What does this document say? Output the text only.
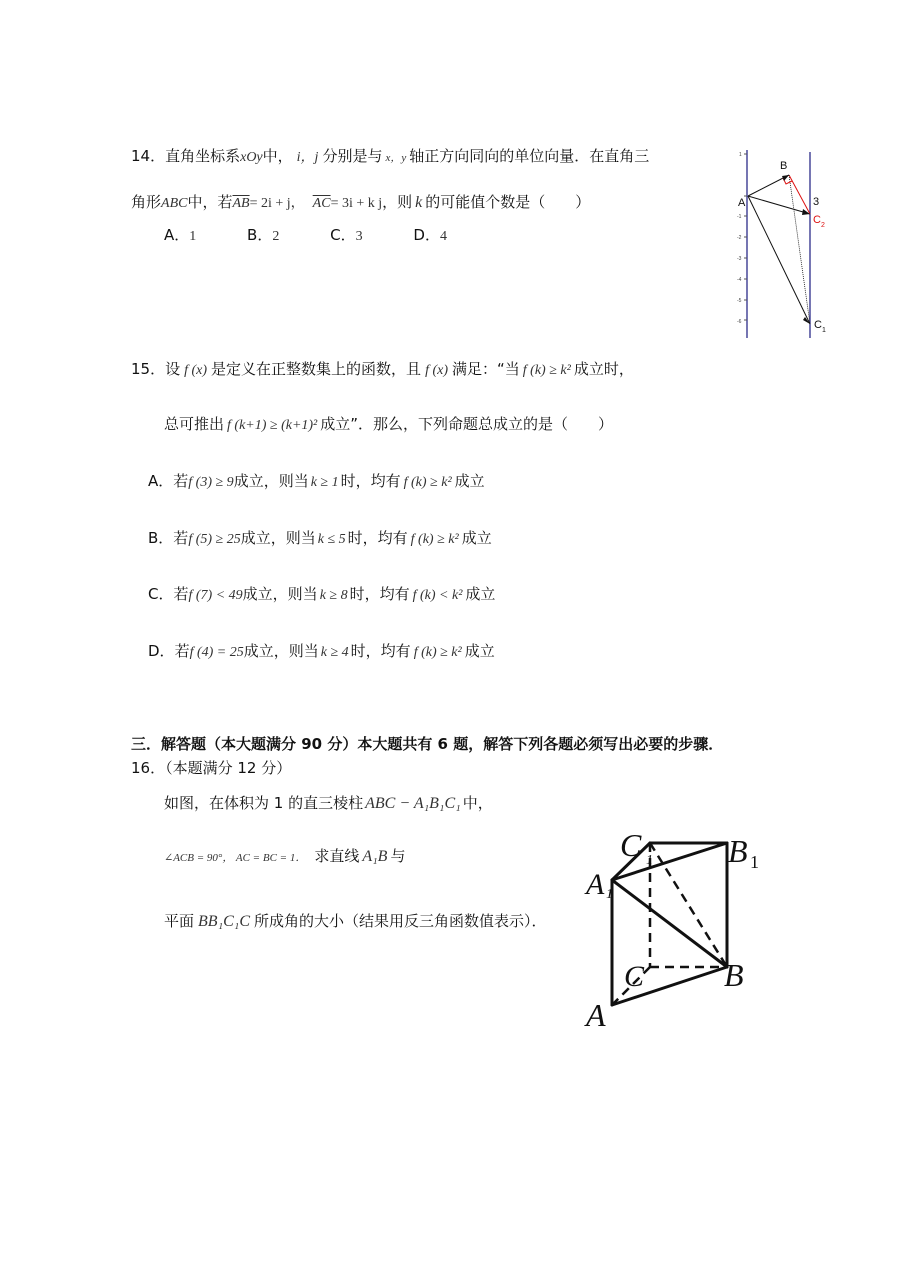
14．直角坐标系xOy中， i，j 分别是与 x，y 轴正方向同向的单位向量．在直角三
角形ABC中，若$\overline{AB}= 2i + j$， $\overline{AC}= 3i + k$ j，则 k 的可能值个数是（　　）
A．1	B．2	C．3	D．4
1
-1
-2
-3
-4
-5
-6
A
B
3
C 2
C 1
15．设 f (x) 是定义在正整数集上的函数，且 f (x) 满足：“当 f (k) ≥ k² 成立时，
总可推出 f (k+1) ≥ (k+1)² 成立”．那么，下列命题总成立的是（　　）
A．若f (3) ≥ 9成立，则当 k ≥ 1 时，均有 f (k) ≥ k² 成立
B．若f (5) ≥ 25成立，则当 k ≤ 5 时，均有 f (k) ≥ k² 成立
C．若f (7) < 49成立，则当 k ≥ 8 时，均有 f (k) < k² 成立
D．若f (4) = 25成立，则当 k ≥ 4 时，均有 f (k) ≥ k² 成立
三．解答题（本大题满分 90 分）本大题共有 6 题，解答下列各题必须写出必要的步骤．
16．（本题满分 12 分）
如图，在体积为 1 的直三棱柱 ABC − A₁B₁C₁ 中，
∠ACB = 90°， AC = BC = 1． 求直线 A₁B 与
平面 BB₁C₁C 所成角的大小（结果用反三角函数值表示）．
C 1 B 1
A 1
C B
A
